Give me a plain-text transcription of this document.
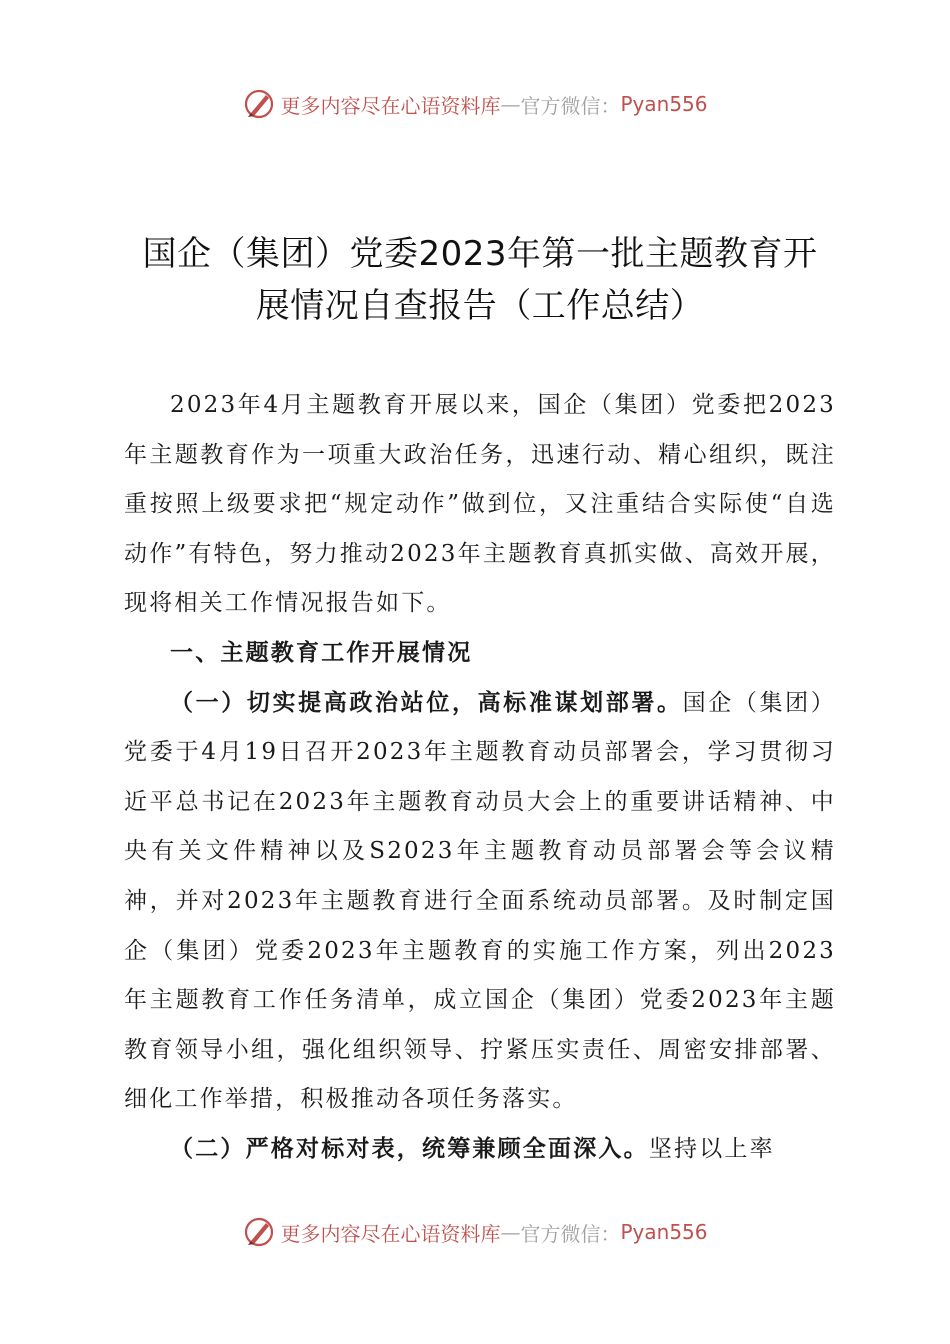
更多内容尽在心语资料库 — 官方微信： Pyan556
国企（集团）党委2023年第一批主题教育开
展情况自查报告（工作总结）

2023年4月主题教育开展以来，国企（集团）党委把2023年主题教育作为一项重大政治任务，迅速行动、精心组织，既注重按照上级要求把“规定动作”做到位，又注重结合实际使“自选动作”有特色，努力推动2023年主题教育真抓实做、高效开展，现将相关工作情况报告如下。

一、主题教育工作开展情况

（一）切实提高政治站位，高标准谋划部署。国企（集团）党委于4月19日召开2023年主题教育动员部署会，学习贯彻习近平总书记在2023年主题教育动员大会上的重要讲话精神、中央有关文件精神以及S2023年主题教育动员部署会等会议精神，并对2023年主题教育进行全面系统动员部署。及时制定国企（集团）党委2023年主题教育的实施工作方案，列出2023年主题教育工作任务清单，成立国企（集团）党委2023年主题教育领导小组，强化组织领导、拧紧压实责任、周密安排部署、细化工作举措，积极推动各项任务落实。

（二）严格对标对表，统筹兼顾全面深入。坚持以上率

更多内容尽在心语资料库 — 官方微信： Pyan556
